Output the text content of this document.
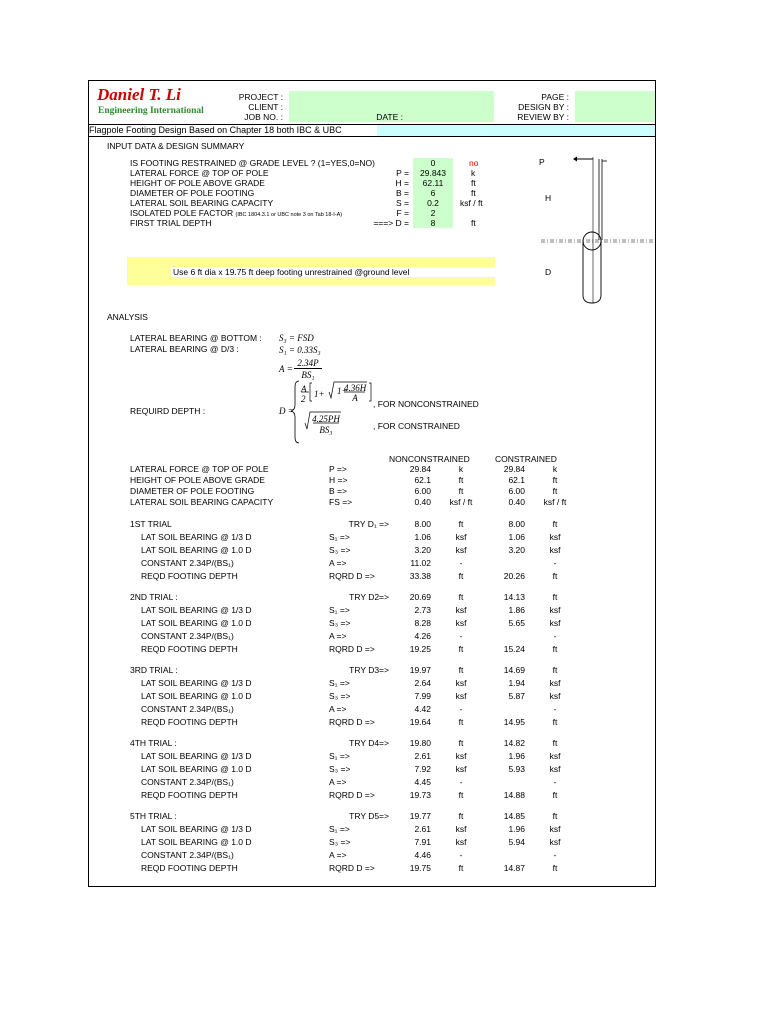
Daniel T. Li
Engineering International
PROJECT :
CLIENT :
JOB NO. :	DATE :
PAGE :
DESIGN BY :
REVIEW BY :
Flagpole Footing Design Based on Chapter 18 both IBC & UBC
INPUT DATA & DESIGN SUMMARY
IS FOOTING RESTRAINED @ GRADE LEVEL ? (1=YES,0=NO)	0	no
LATERAL FORCE @ TOP OF POLE	P =	29.843	k
HEIGHT OF POLE ABOVE GRADE	H =	62.11	ft
DIAMETER OF POLE FOOTING	B =	6	ft
LATERAL SOIL BEARING CAPACITY	S =	0.2	ksf / ft
ISOLATED POLE FACTOR (IBC 1804.3.1 or UBC note 3 on Tab 18-I-A)	F =	2
FIRST TRIAL DEPTH	===> D =	8	ft
Use 6 ft dia x 19.75 ft deep footing unrestrained @ground level
P
H
D
ANALYSIS
LATERAL BEARING @ BOTTOM :
LATERAL BEARING @ D/3 :
S₃ = FSD
S₁ = 0.33S₃
A =
2.34P
BS₁
REQUIRD DEPTH :	D =
A
2 1+ 1+
4.36H
A
, FOR NONCONSTRAINED
4.25PH
BS₃	, FOR CONSTRAINED
NONCONSTRAINED	CONSTRAINED
LATERAL FORCE @ TOP OF POLE	P =>	29.84	k	29.84	k
HEIGHT OF POLE ABOVE GRADE	H =>	62.1	ft	62.1	ft
DIAMETER OF POLE FOOTING	B =>	6.00	ft	6.00	ft
LATERAL SOIL BEARING CAPACITY	FS =>	0.40	ksf / ft	0.40	ksf / ft
1ST TRIAL	TRY D₁ =>	8.00	ft	8.00	ft
LAT SOIL BEARING @ 1/3 D	S₁ =>	1.06	ksf	1.06	ksf
LAT SOIL BEARING @ 1.0 D	S₃ =>	3.20	ksf	3.20	ksf
CONSTANT 2.34P/(BS₁)	A =>	11.02	-	-
REQD FOOTING DEPTH	RQRD D =>	33.38	ft	20.26	ft
2ND TRIAL :	TRY D2=>	20.69	ft	14.13	ft
LAT SOIL BEARING @ 1/3 D	S₁ =>	2.73	ksf	1.86	ksf
LAT SOIL BEARING @ 1.0 D	S₃ =>	8.28	ksf	5.65	ksf
CONSTANT 2.34P/(BS₁)	A =>	4.26	-	-
REQD FOOTING DEPTH	RQRD D =>	19.25	ft	15.24	ft
3RD TRIAL :	TRY D3=>	19.97	ft	14.69	ft
LAT SOIL BEARING @ 1/3 D	S₁ =>	2.64	ksf	1.94	ksf
LAT SOIL BEARING @ 1.0 D	S₃ =>	7.99	ksf	5.87	ksf
CONSTANT 2.34P/(BS₁)	A =>	4.42	-	-
REQD FOOTING DEPTH	RQRD D =>	19.64	ft	14.95	ft
4TH TRIAL :	TRY D4=>	19.80	ft	14.82	ft
LAT SOIL BEARING @ 1/3 D	S₁ =>	2.61	ksf	1.96	ksf
LAT SOIL BEARING @ 1.0 D	S₃ =>	7.92	ksf	5.93	ksf
CONSTANT 2.34P/(BS₁)	A =>	4.45	-	-
REQD FOOTING DEPTH	RQRD D =>	19.73	ft	14.88	ft
5TH TRIAL :	TRY D5=>	19.77	ft	14.85	ft
LAT SOIL BEARING @ 1/3 D	S₁ =>	2.61	ksf	1.96	ksf
LAT SOIL BEARING @ 1.0 D	S₃ =>	7.91	ksf	5.94	ksf
CONSTANT 2.34P/(BS₁)	A =>	4.46	-	-
REQD FOOTING DEPTH	RQRD D =>	19.75	ft	14.87	ft
